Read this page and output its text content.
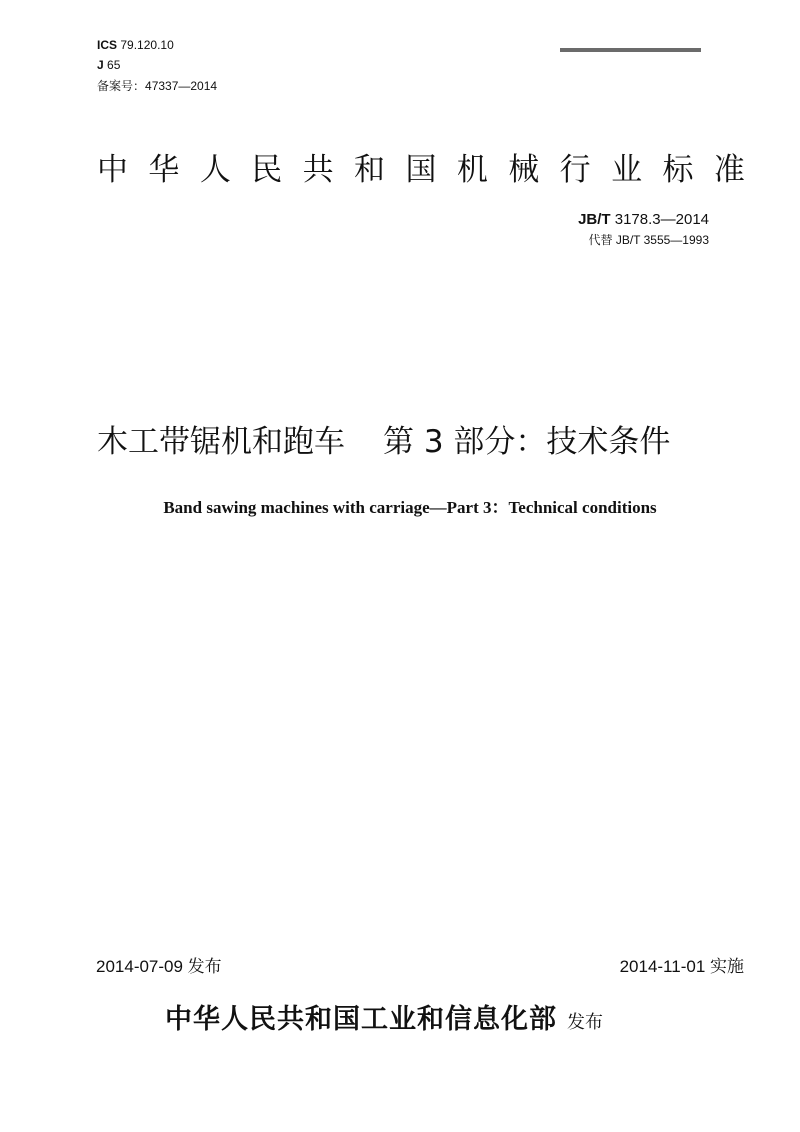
ICS 79.120.10
J 65
备案号：47337—2014
中 华 人 民 共 和 国 机 械 行 业 标 准
JB/T 3178.3—2014
代替 JB/T 3555—1993
木工带锯机和跑车 第 3 部分：技术条件
Band sawing machines with carriage—Part 3：Technical conditions
2014-07-09 发布	2014-11-01 实施
中华人民共和国工业和信息化部 发布
